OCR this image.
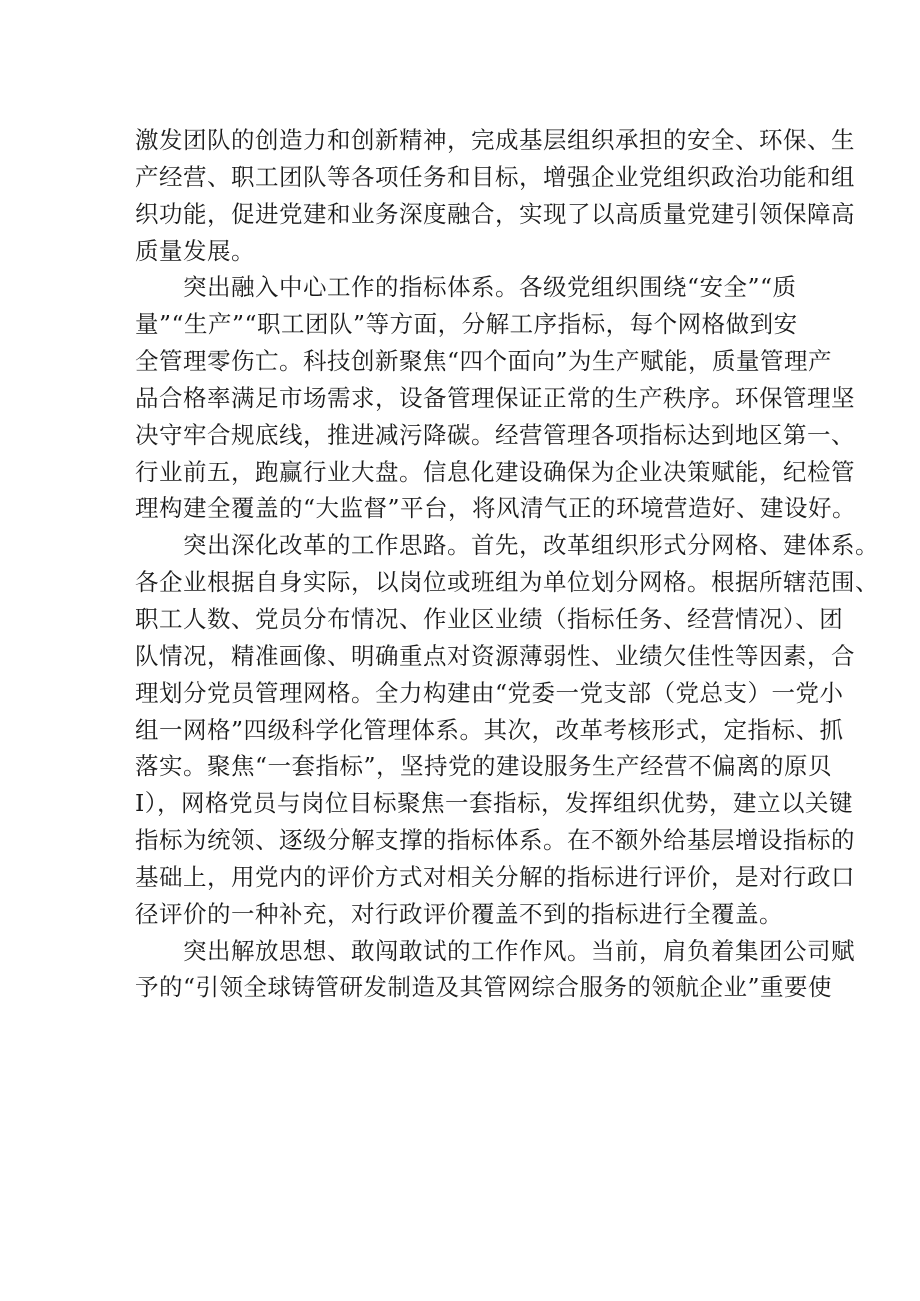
激发团队的创造力和创新精神，完成基层组织承担的安全、环保、生
产经营、职工团队等各项任务和目标，增强企业党组织政治功能和组
织功能，促进党建和业务深度融合，实现了以高质量党建引领保障高
质量发展。
突出融入中心工作的指标体系。各级党组织围绕“安全”“质
量”“生产”“职工团队”等方面，分解工序指标，每个网格做到安
全管理零伤亡。科技创新聚焦“四个面向”为生产赋能，质量管理产
品合格率满足市场需求，设备管理保证正常的生产秩序。环保管理坚
决守牢合规底线，推进减污降碳。经营管理各项指标达到地区第一、
行业前五，跑赢行业大盘。信息化建设确保为企业决策赋能，纪检管
理构建全覆盖的“大监督”平台，将风清气正的环境营造好、建设好。
突出深化改革的工作思路。首先，改革组织形式分网格、建体系。
各企业根据自身实际，以岗位或班组为单位划分网格。根据所辖范围、
职工人数、党员分布情况、作业区业绩（指标任务、经营情况）、团
队情况，精准画像、明确重点对资源薄弱性、业绩欠佳性等因素，合
理划分党员管理网格。全力构建由“党委一党支部（党总支）一党小
组一网格”四级科学化管理体系。其次，改革考核形式，定指标、抓
落实。聚焦“一套指标”，坚持党的建设服务生产经营不偏离的原贝
I），网格党员与岗位目标聚焦一套指标，发挥组织优势，建立以关键
指标为统领、逐级分解支撑的指标体系。在不额外给基层增设指标的
基础上，用党内的评价方式对相关分解的指标进行评价，是对行政口
径评价的一种补充，对行政评价覆盖不到的指标进行全覆盖。
突出解放思想、敢闯敢试的工作作风。当前，肩负着集团公司赋
予的“引领全球铸管研发制造及其管网综合服务的领航企业”重要使
